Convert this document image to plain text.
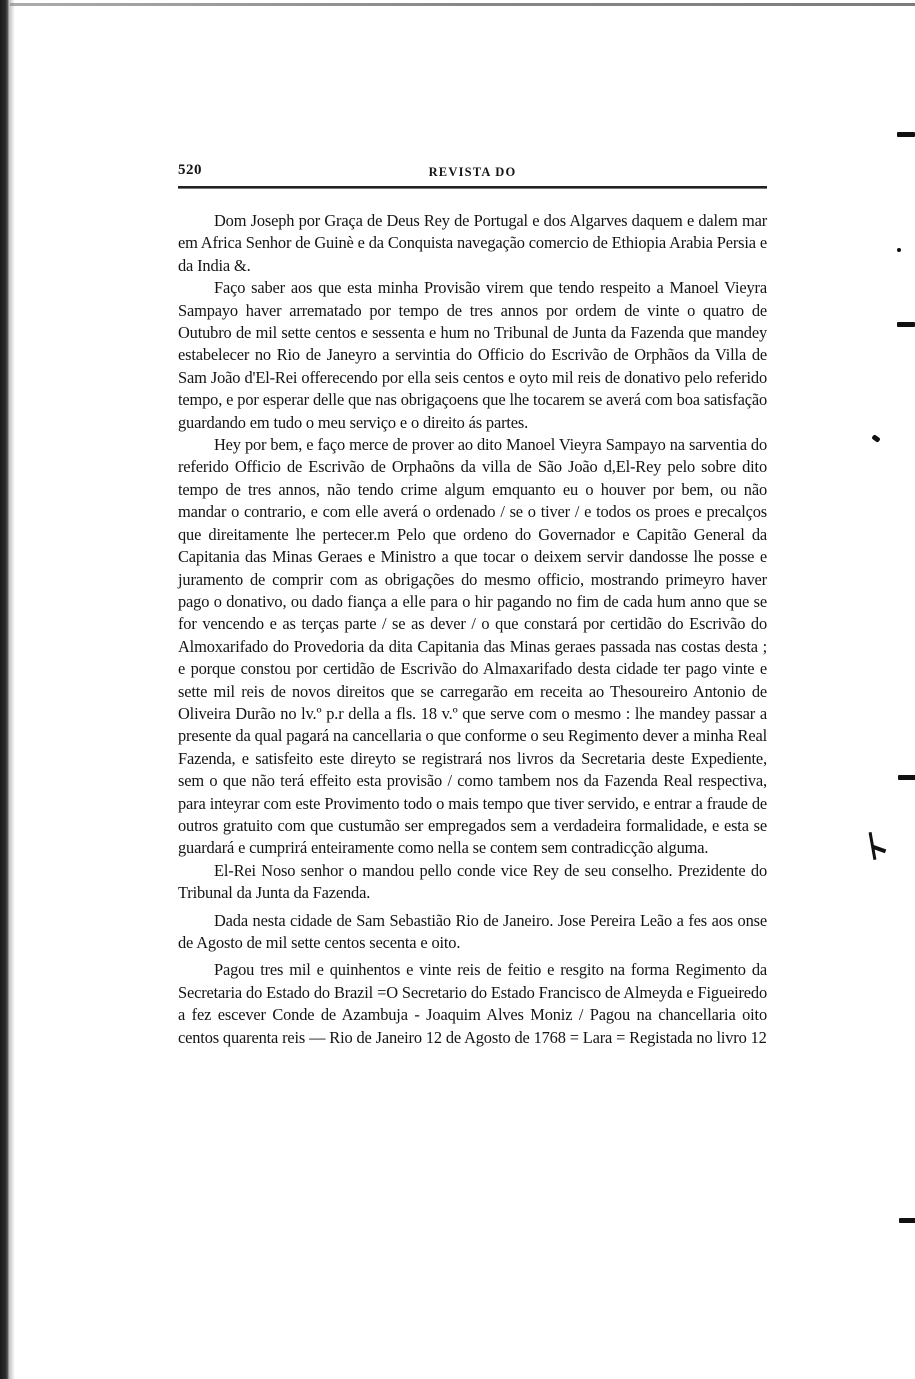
520	REVISTA DO

Dom Joseph por Graça de Deus Rey de Portugal e dos Algarves daquem e dalem mar em Africa Senhor de Guinè e da Conquista navegação comercio de Ethiopia Arabia Persia e da India &.

Faço saber aos que esta minha Provisão virem que tendo respeito a Manoel Vieyra Sampayo haver arrematado por tempo de tres annos por ordem de vinte o quatro de Outubro de mil sette centos e sessenta e hum no Tribunal de Junta da Fazenda que mandey estabelecer no Rio de Janeyro a servintia do Officio do Escrivão de Orphãos da Villa de Sam João d'El-Rei offerecendo por ella seis centos e oyto mil reis de donativo pelo referido tempo, e por esperar delle que nas obrigaçoens que lhe tocarem se averá com boa satisfação guardando em tudo o meu serviço e o direito ás partes.

Hey por bem, e faço merce de prover ao dito Manoel Vieyra Sampayo na sarventia do referido Officio de Escrivão de Orphaõns da villa de São João d,El-Rey pelo sobre dito tempo de tres annos, não tendo crime algum emquanto eu o houver por bem, ou não mandar o contrario, e com elle averá o ordenado / se o tiver / e todos os proes e precalços que direitamente lhe pertecer.m Pelo que ordeno do Governador e Capitão General da Capitania das Minas Geraes e Ministro a que tocar o deixem servir dandosse lhe posse e juramento de comprir com as obrigações do mesmo officio, mostrando primeyro haver pago o donativo, ou dado fiança a elle para o hir pagando no fim de cada hum anno que se for vencendo e as terças parte / se as dever / o que constará por certidão do Escrivão do Almoxarifado do Provedoria da dita Capitania das Minas geraes passada nas costas desta ; e porque constou por certidão de Escrivão do Almaxarifado desta cidade ter pago vinte e sette mil reis de novos direitos que se carregarão em receita ao Thesoureiro Antonio de Oliveira Durão no lv.º p.r della a fls. 18 v.º que serve com o mesmo : lhe mandey passar a presente da qual pagará na cancellaria o que conforme o seu Regimento dever a minha Real Fazenda, e satisfeito este direyto se registrará nos livros da Secretaria deste Expediente, sem o que não terá effeito esta provisão / como tambem nos da Fazenda Real respectiva, para inteyrar com este Provimento todo o mais tempo que tiver servido, e entrar a fraude de outros gratuito com que custumão ser empregados sem a verdadeira formalidade, e esta se guardará e cumprirá enteiramente como nella se contem sem contradicção alguma.

El-Rei Noso senhor o mandou pello conde vice Rey de seu conselho. Prezidente do Tribunal da Junta da Fazenda.

Dada nesta cidade de Sam Sebastião Rio de Janeiro. Jose Pereira Leão a fes aos onse de Agosto de mil sette centos secenta e oito.

Pagou tres mil e quinhentos e vinte reis de feitio e resgito na forma Regimento da Secretaria do Estado do Brazil =O Secretario do Estado Francisco de Almeyda e Figueiredo a fez escever Conde de Azambuja - Joaquim Alves Moniz / Pagou na chancellaria oito centos quarenta reis — Rio de Janeiro 12 de Agosto de 1768 = Lara = Registada no livro 12
